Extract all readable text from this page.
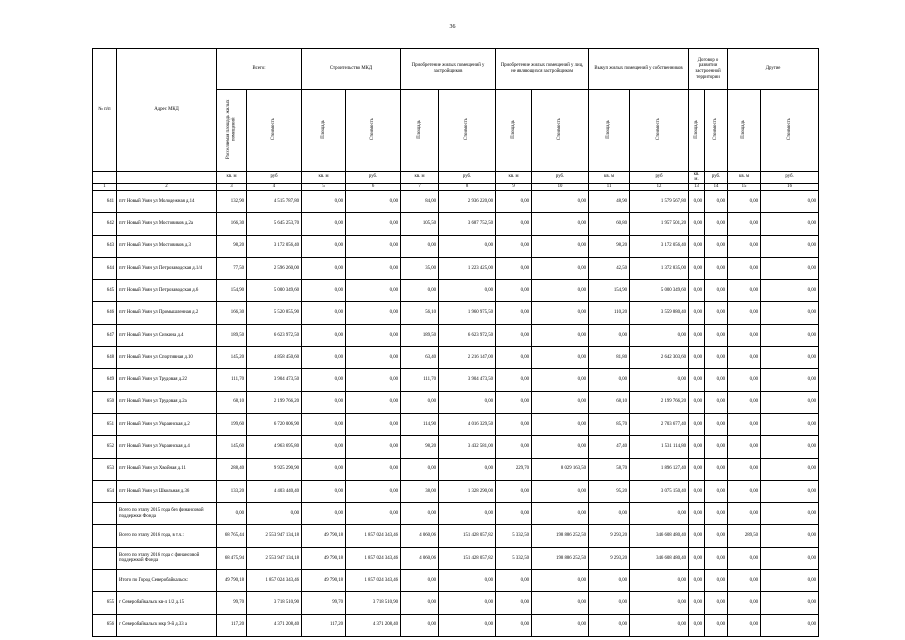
36
№ п/п	Адрес МКД	Всего:		Строительство МКД		Приобретение жилых помещений у застройщиков		Приобретение жилых помещений у лиц, не являющихся застройщиком		Выкуп жилых помещений у собственников		Договор о развитии застроенной территории		Другие	
		Расселяемая площадь жилых помещений	Стоимость	Площадь	Стоимость	Площадь	Стоимость	Площадь	Стоимость	Площадь	Стоимость	Площадь	Стоимость	Площадь	Стоимость
		кв. м	руб	кв. м	руб.	кв. м	руб.	кв. м	руб.	кв. м	руб	кв. м.	руб.	кв. м	руб.
1	2	3	4	5	6	7	8	9	10	11	12	13	14	15	16
641	пгт Новый Уоян ул Молодежная д.14	132,90	4 515 787,80	0,00	0,00	84,00	2 936 220,00	0,00	0,00	48,90	1 579 567,80	0,00	0,00	0,00	0,00
642	пгт Новый Уоян ул Мостовиков д.2а	166,30	5 645 253,70	0,00	0,00	105,50	3 687 752,50	0,00	0,00	60,80	1 957 501,20	0,00	0,00	0,00	0,00
643	пгт Новый Уоян ул Мостовиков д.3	98,20	3 172 056,40	0,00	0,00	0,00	0,00	0,00	0,00	98,20	3 172 056,40	0,00	0,00	0,00	0,00
644	пгт Новый Уоян ул Петрозаводская д.1/4	77,50	2 596 260,00	0,00	0,00	35,00	1 223 425,00	0,00	0,00	42,50	1 372 835,00	0,00	0,00	0,00	0,00
645	пгт Новый Уоян ул Петрозаводская д.6	154,90	5 000 349,60	0,00	0,00	0,00	0,00	0,00	0,00	154,90	5 000 349,60	0,00	0,00	0,00	0,00
646	пгт Новый Уоян ул Промышленная д.2	166,30	5 520 855,90	0,00	0,00	56,10	1 960 975,50	0,00	0,00	110,20	3 559 880,40	0,00	0,00	0,00	0,00
647	пгт Новый Уоян ул Сизкина д.4	189,50	6 623 972,50	0,00	0,00	189,50	6 623 972,50	0,00	0,00	0,00	0,00	0,00	0,00	0,00	0,00
648	пгт Новый Уоян ул Спортивная д.10	145,20	4 858 450,60	0,00	0,00	63,40	2 216 147,00	0,00	0,00	81,80	2 642 303,60	0,00	0,00	0,00	0,00
649	пгт Новый Уоян ул Трудовая д.22	111,70	3 904 473,50	0,00	0,00	111,70	3 904 473,50	0,00	0,00	0,00	0,00	0,00	0,00	0,00	0,00
650	пгт Новый Уоян ул Трудовая д.2а	68,10	2 199 766,20	0,00	0,00	0,00	0,00	0,00	0,00	68,10	2 199 766,20	0,00	0,00	0,00	0,00
651	пгт Новый Уоян ул Украинская д.2	199,60	6 720 006,90	0,00	0,00	114,90	4 016 329,50	0,00	0,00	85,70	2 703 677,40	0,00	0,00	0,00	0,00
652	пгт Новый Уоян ул Украинская д.4	145,60	4 963 695,80	0,00	0,00	98,20	3 432 581,00	0,00	0,00	47,40	1 531 114,80	0,00	0,00	0,00	0,00
653	пгт Новый Уоян ул Хвойная д.11	288,40	9 925 290,90	0,00	0,00	0,00	0,00	229,70	8 029 163,50	58,70	1 896 127,40	0,00	0,00	0,00	0,00
654	пгт Новый Уоян ул Школьная д.36	133,20	4 403 440,40	0,00	0,00	38,00	1 328 290,00	0,00	0,00	95,20	3 075 150,40	0,00	0,00	0,00	0,00
	Всего по этапу 2015 года без финансовой поддержки Фонда	0,00	0,00	0,00	0,00	0,00	0,00	0,00	0,00	0,00	0,00	0,00	0,00	0,00	0,00
	Всего по этапу 2016 года, в т.ч.:	68 765,44	2 553 947 134,18	49 790,18	1 857 024 343,46	4 060,06	151 428 057,82	5 332,50	198 886 252,50	9 293,20	346 608 480,40	0,00	0,00	289,50	0,00
	Всего по этапу 2016 года с финансовой поддержкой Фонда	68 475,94	2 553 947 134,18	49 790,18	1 857 024 343,46	4 060,06	151 428 057,82	5 332,50	198 886 252,50	9 293,20	346 608 480,40	0,00	0,00	0,00	0,00
	Итого по Город Северобайкальск:	49 790,18	1 857 024 343,46	49 790,18	1 857 024 343,46	0,00	0,00	0,00	0,00	0,00	0,00	0,00	0,00	0,00	0,00
655	г Северобайкальск кв-л 1/2 д.15	99,70	3 718 510,90	99,70	3 718 510,90	0,00	0,00	0,00	0,00	0,00	0,00	0,00	0,00	0,00	0,00
656	г Северобайкальск мкр 9-й д.33 а	117,20	4 371 208,40	117,20	4 371 208,40	0,00	0,00	0,00	0,00	0,00	0,00	0,00	0,00	0,00	0,00
